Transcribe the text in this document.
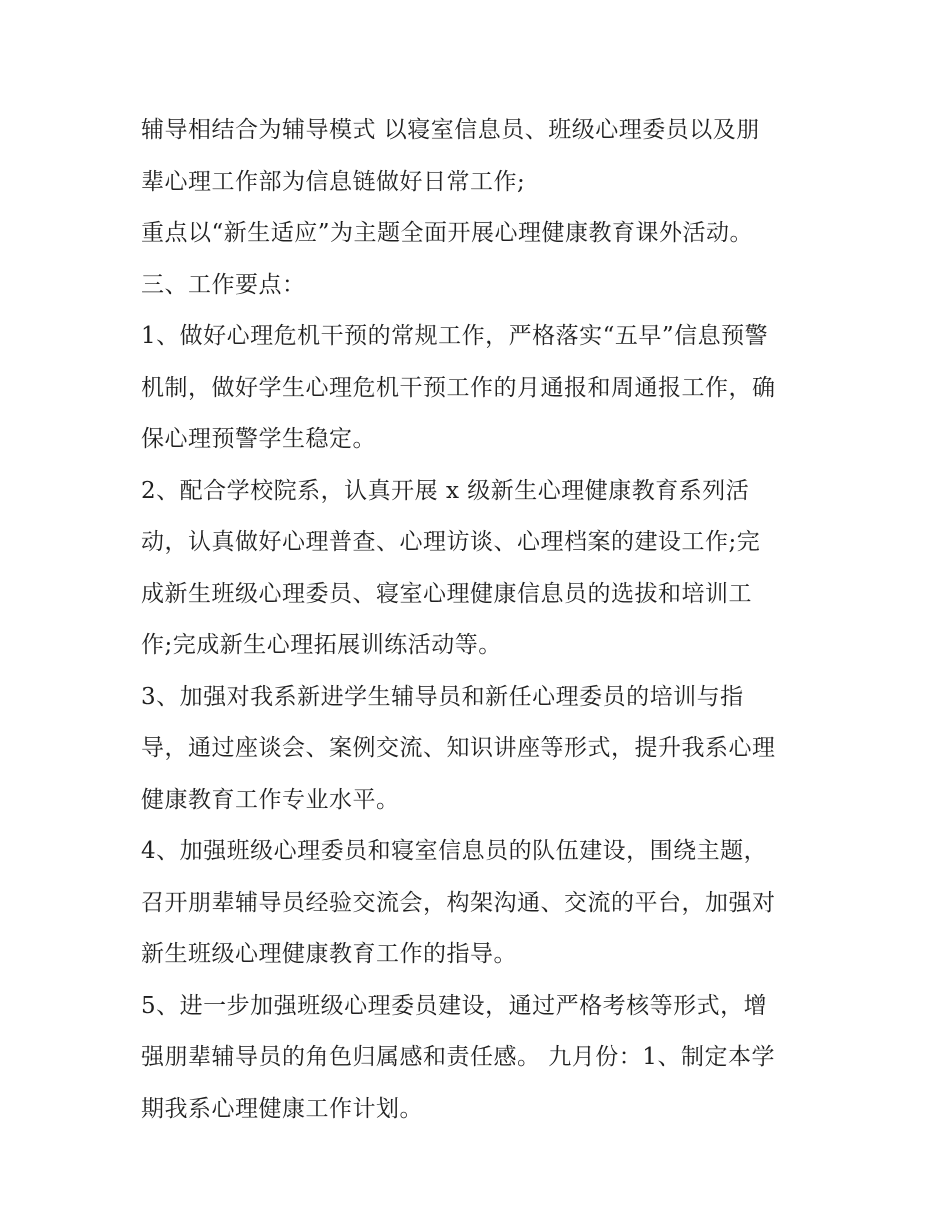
辅导相结合为辅导模式 以寝室信息员、班级心理委员以及朋
辈心理工作部为信息链做好日常工作;
重点以“新生适应”为主题全面开展心理健康教育课外活动。
三、工作要点：
1、做好心理危机干预的常规工作，严格落实“五早”信息预警
机制，做好学生心理危机干预工作的月通报和周通报工作，确
保心理预警学生稳定。
2、配合学校院系，认真开展 x 级新生心理健康教育系列活
动，认真做好心理普查、心理访谈、心理档案的建设工作;完
成新生班级心理委员、寝室心理健康信息员的选拔和培训工
作;完成新生心理拓展训练活动等。
3、加强对我系新进学生辅导员和新任心理委员的培训与指
导，通过座谈会、案例交流、知识讲座等形式，提升我系心理
健康教育工作专业水平。
4、加强班级心理委员和寝室信息员的队伍建设，围绕主题，
召开朋辈辅导员经验交流会，构架沟通、交流的平台，加强对
新生班级心理健康教育工作的指导。
5、进一步加强班级心理委员建设，通过严格考核等形式，增
强朋辈辅导员的角色归属感和责任感。 九月份：1、制定本学
期我系心理健康工作计划。
